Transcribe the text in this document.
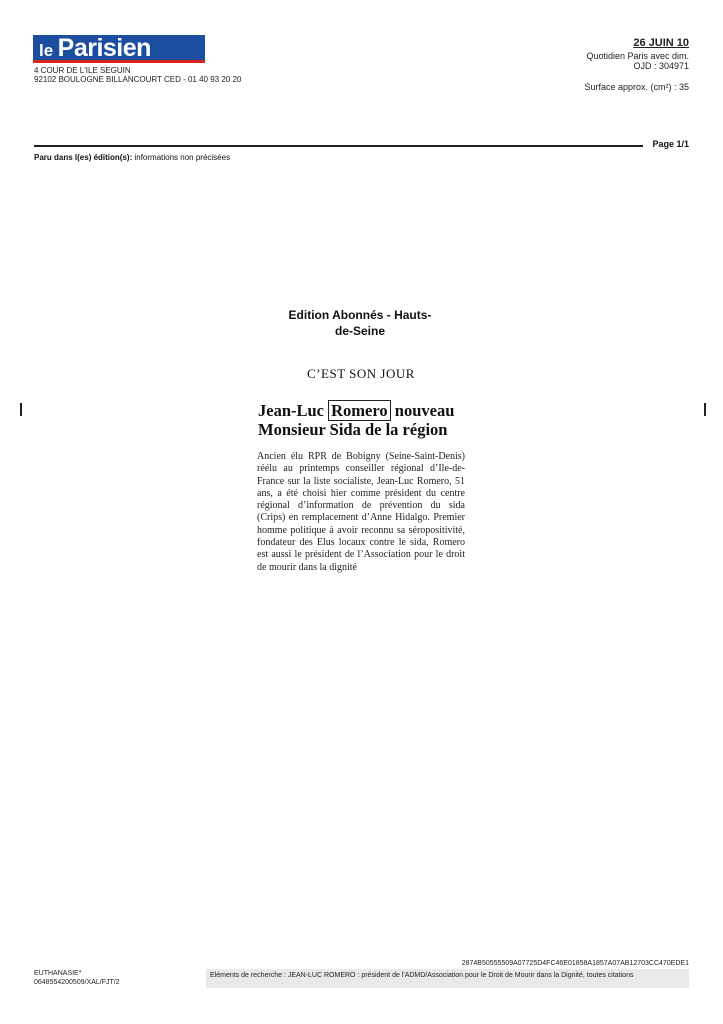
le Parisien
4 COUR DE L'ILE SEGUIN
92102 BOULOGNE BILLANCOURT CED - 01 40 93 20 20
26 JUIN 10
Quotidien Paris avec dim.
OJD : 304971
Surface approx. (cm²) : 35
Page 1/1
Paru dans l(es) édition(s): informations non précisées
Edition Abonnés - Hauts-
de-Seine
C’EST SON JOUR
Jean-Luc Romero nouveau
Monsieur Sida de la région
Ancien élu RPR de Bobigny (Seine-Saint-Denis) réélu au printemps conseiller régional d’Ile-de-France sur la liste socialiste, Jean-Luc Romero, 51 ans, a été choisi hier comme président du centre régional d’information de prévention du sida (Crips) en remplacement d’Anne Hidalgo. Premier homme politique à avoir reconnu sa séropositivité, fondateur des Elus locaux contre le sida, Romero est aussi le président de l’Association pour le droit de mourir dans la dignité
2874B50555509A07725D4FC46E01858A1857A07AB12703CC470EDE1
Eléments de recherche : JEAN-LUC ROMERO : président de l'ADMD/Association pour le Droit de Mourir dans la Dignité, toutes citations
EUTHANASIE*
0648554200509/XAL/FJT/2
